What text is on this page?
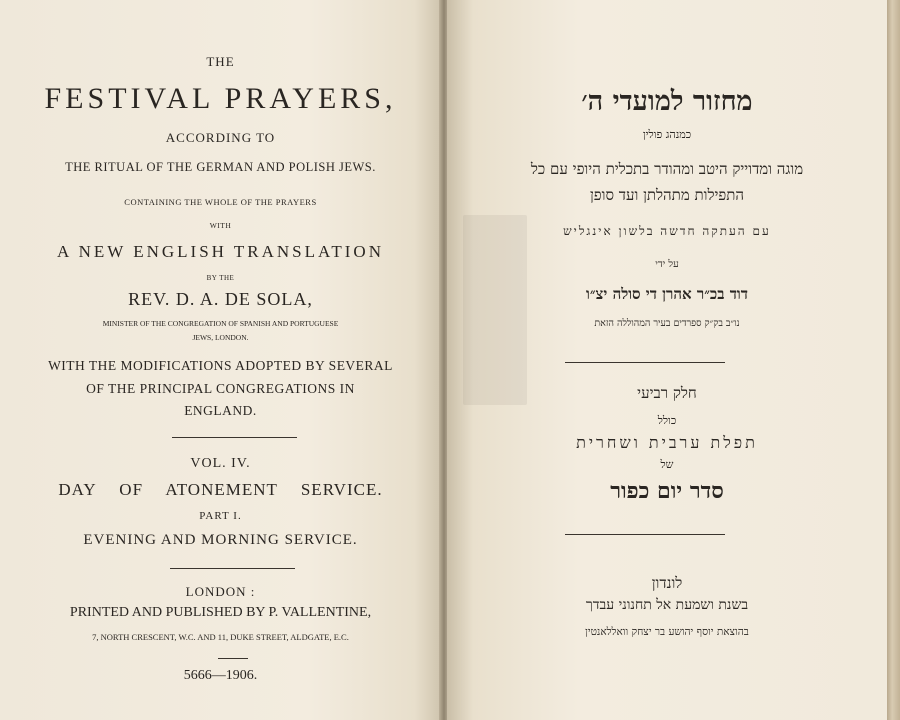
THE
FESTIVAL PRAYERS,
ACCORDING TO
THE RITUAL OF THE GERMAN AND POLISH JEWS.
CONTAINING THE WHOLE OF THE PRAYERS
WITH
A NEW ENGLISH TRANSLATION
BY THE
REV. D. A. DE SOLA,
MINISTER OF THE CONGREGATION OF SPANISH AND PORTUGUESE
JEWS, LONDON.
WITH THE MODIFICATIONS ADOPTED BY SEVERAL
OF THE PRINCIPAL CONGREGATIONS IN
ENGLAND.
VOL. IV.
DAY OF ATONEMENT SERVICE.
PART I.
EVENING AND MORNING SERVICE.
LONDON :
PRINTED AND PUBLISHED BY P. VALLENTINE,
7, NORTH CRESCENT, W.C. AND 11, DUKE STREET, ALDGATE, E.C.
5666—1906.
מחזור למועדי ה׳
כמנהג פולין
מוגה ומדוייק היטב ומהודר בתכלית היופי עם כל
התפילות מתהלתן ועד סופן
עם העתקה חדשה בלשון אינגליש
על ידי
דוד בכ״ר אהרן די סולה יצ״ו
נו״ב בק״ק ספרדים בעיר המהוללה הזאת
חלק רביעי
כולל
תפלת ערבית ושחרית
של
סדר יום כפור
לונדון
בשנת ושמעת אל תחנוני עבדך
בהוצאת יוסף יהושע בר יצחק וואללאנטין
